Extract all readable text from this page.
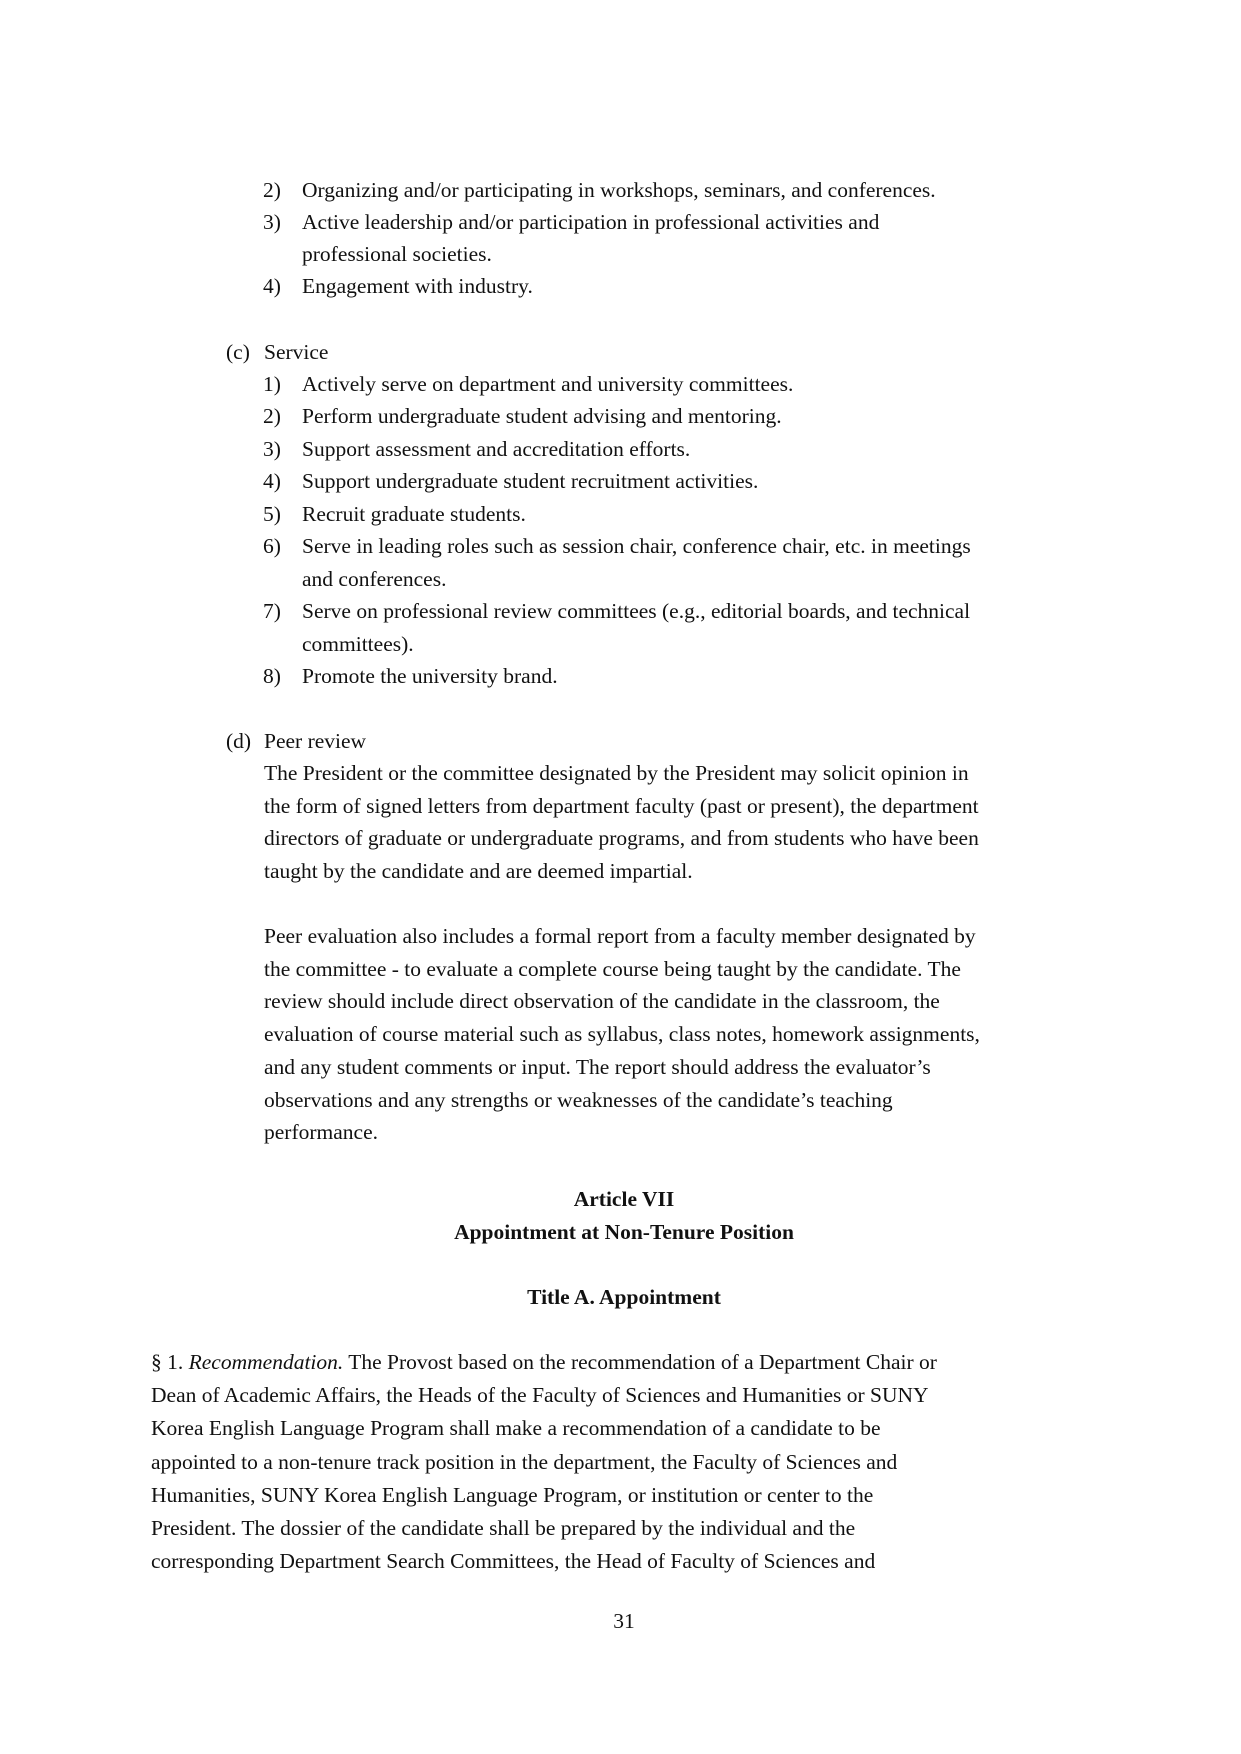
2) Organizing and/or participating in workshops, seminars, and conferences.
3) Active leadership and/or participation in professional activities and
professional societies.
4) Engagement with industry.
(c) Service
1) Actively serve on department and university committees.
2) Perform undergraduate student advising and mentoring.
3) Support assessment and accreditation efforts.
4) Support undergraduate student recruitment activities.
5) Recruit graduate students.
6) Serve in leading roles such as session chair, conference chair, etc. in meetings
and conferences.
7) Serve on professional review committees (e.g., editorial boards, and technical
committees).
8) Promote the university brand.
(d) Peer review

The President or the committee designated by the President may solicit opinion in

the form of signed letters from department faculty (past or present), the department

directors of graduate or undergraduate programs, and from students who have been

taught by the candidate and are deemed impartial.

Peer evaluation also includes a formal report from a faculty member designated by

the committee - to evaluate a complete course being taught by the candidate. The

review should include direct observation of the candidate in the classroom, the

evaluation of course material such as syllabus, class notes, homework assignments,

and any student comments or input. The report should address the evaluator’s

observations and any strengths or weaknesses of the candidate’s teaching

performance.

Article VII
Appointment at Non-Tenure Position
Title A. Appointment

§ 1. Recommendation. The Provost based on the recommendation of a Department Chair or

Dean of Academic Affairs, the Heads of the Faculty of Sciences and Humanities or SUNY

Korea English Language Program shall make a recommendation of a candidate to be

appointed to a non-tenure track position in the department, the Faculty of Sciences and

Humanities, SUNY Korea English Language Program, or institution or center to the

President. The dossier of the candidate shall be prepared by the individual and the

corresponding Department Search Committees, the Head of Faculty of Sciences and

31
